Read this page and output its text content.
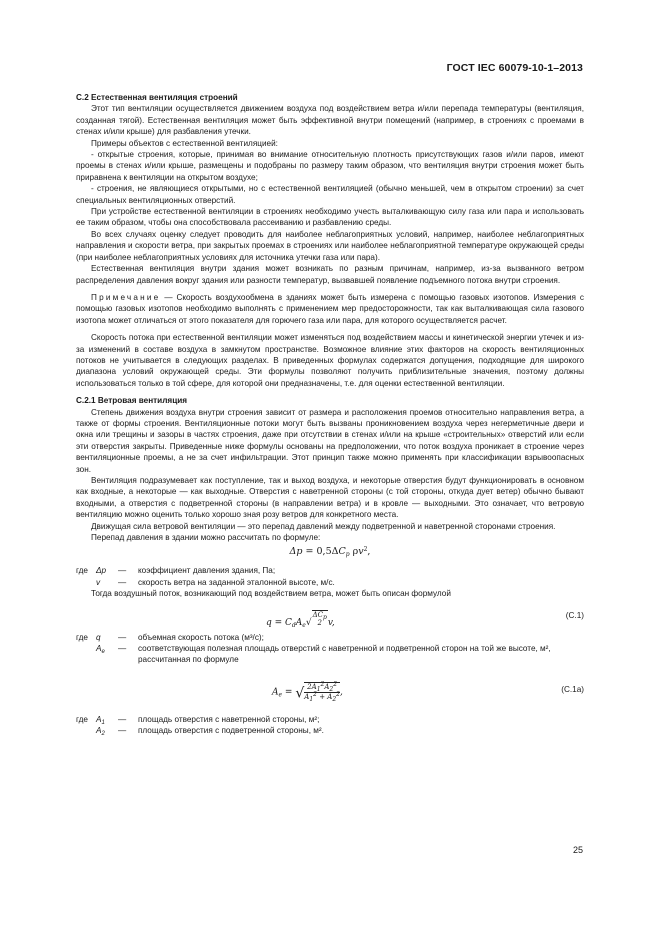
ГОСТ IEC 60079-10-1–2013

С.2 Естественная вентиляция строений

Этот тип вентиляции осуществляется движением воздуха под воздействием ветра и/или перепада температуры (вентиляция, созданная тягой). Естественная вентиляция может быть эффективной внутри помещений (например, в строениях с проемами в стенах и/или крыше) для разбавления утечки.

Примеры объектов с естественной вентиляцией:

- открытые строения, которые, принимая во внимание относительную плотность присутствующих газов и/или паров, имеют проемы в стенах и/или крыше, размещены и подобраны по размеру таким образом, что вентиляция внутри строения может быть приравнена к вентиляции на открытом воздухе;

- строения, не являющиеся открытыми, но с естественной вентиляцией (обычно меньшей, чем в открытом строении) за счет специальных вентиляционных отверстий.

При устройстве естественной вентиляции в строениях необходимо учесть выталкивающую силу газа или пара и использовать ее таким образом, чтобы она способствовала рассеиванию и разбавлению среды.

Во всех случаях оценку следует проводить для наиболее неблагоприятных условий, например, наиболее неблагоприятных направления и скорости ветра, при закрытых проемах в строениях или наиболее неблагоприятной температуре окружающей среды (при наиболее неблагоприятных условиях для источника утечки газа или пара).

Естественная вентиляция внутри здания может возникать по разным причинам, например, из-за вызванного ветром распределения давления вокруг здания или разности температур, вызвавшей появление подъемного потока внутри строения.

Примечание — Скорость воздухообмена в зданиях может быть измерена с помощью газовых изотопов. Измерения с помощью газовых изотопов необходимо выполнять с применением мер предосторожности, так как выталкивающая сила газового изотопа может отличаться от этого показателя для горючего газа или пара, для которого осуществляется расчет.

Скорость потока при естественной вентиляции может изменяться под воздействием массы и кинетической энергии утечек и из-за изменений в составе воздуха в замкнутом пространстве. Возможное влияние этих факторов на скорость вентиляционных потоков не учитывается в следующих разделах. В приведенных формулах содержатся допущения, подходящие для широкого диапазона условий окружающей среды. Эти формулы позволяют получить приблизительные значения, поэтому должны использоваться только в той сфере, для которой они предназначены, т.е. для оценки естественной вентиляции.

С.2.1 Ветровая вентиляция

Степень движения воздуха внутри строения зависит от размера и расположения проемов относительно направления ветра, а также от формы строения. Вентиляционные потоки могут быть вызваны проникновением воздуха через негерметичные двери и окна или трещины и зазоры в частях строения, даже при отсутствии в стенах и/или на крыше «строительных» отверстий или если эти отверстия закрыты. Приведенные ниже формулы основаны на предположении, что поток воздуха проникает в строение через вентиляционные проемы, а не за счет инфильтрации. Этот принцип также можно применять при классификации взрывоопасных зон.

Вентиляция подразумевает как поступление, так и выход воздуха, и некоторые отверстия будут функционировать в основном как входные, а некоторые — как выходные. Отверстия с наветренной стороны (с той стороны, откуда дует ветер) обычно бывают входными, а отверстия с подветренной стороны (в направлении ветра) и в кровле — выходными. Это означает, что ветровую вентиляцию можно оценить только хорошо зная розу ветров для конкретного места.

Движущая сила ветровой вентиляции — это перепад давлений между подветренной и наветренной сторонами строения.

Перепад давления в здании можно рассчитать по формуле:

$\Delta p = 0,5\Delta C_p$ $\rho v^2$,
где Δp	—	коэффициент давления здания, Па;
v	—	скорость ветра на заданной эталонной высоте, м/с.

Тогда воздушный поток, возникающий под воздействием ветра, может быть описан формулой

$q = C_dA_e√\Delta C_p$
2 v,
(С.1)
где q	—	объемная скорость потока (м³/с);
$A_e$	—	соответствующая полезная площадь отверстий с наветренной и подветренной сторон на той же высоте, м², рассчитанная по формуле
$A_e$ = √ $2A_1^2A_2^2$
$A_1^2 + A_2^2$,	(С.1а)
где $A_1$	—	площадь отверстия с наветренной стороны, м²;
$A_2$	—	площадь отверстия с подветренной стороны, м².
25
